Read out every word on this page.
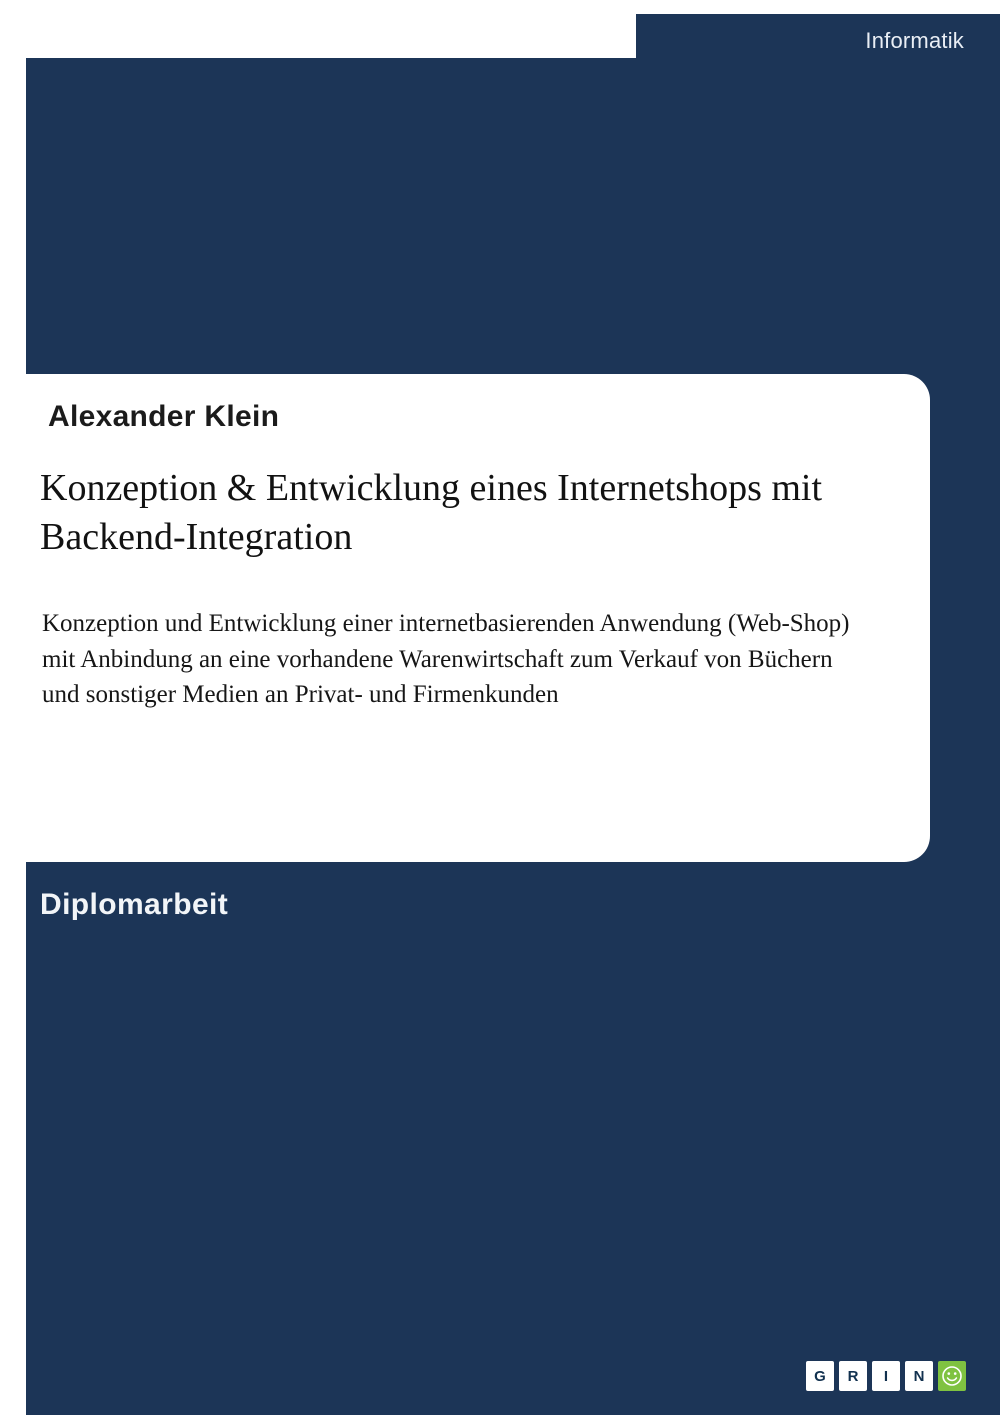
Informatik
Alexander Klein
Konzeption & Entwicklung eines Internetshops mit Backend-Integration
Konzeption und Entwicklung einer internetbasierenden Anwendung (Web-Shop) mit Anbindung an eine vorhandene Warenwirtschaft zum Verkauf von Büchern und sonstiger Medien an Privat- und Firmenkunden
Diplomarbeit
G	R	I	N
